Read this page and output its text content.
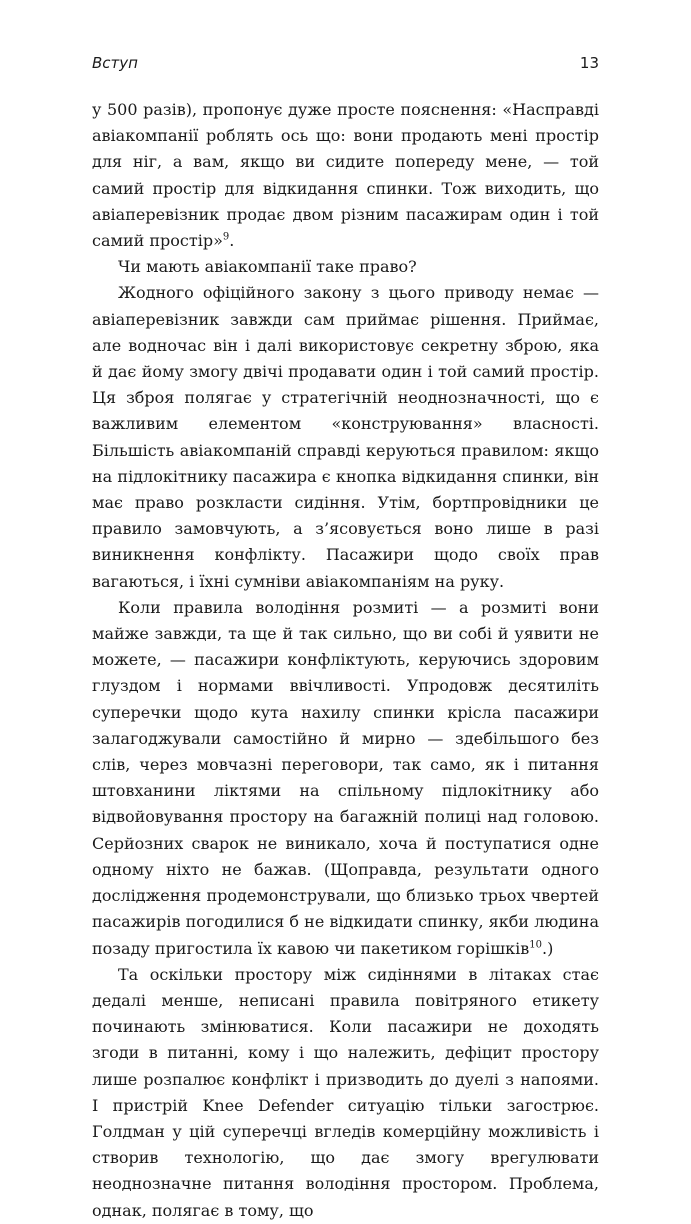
Вступ	13

у 500 разів), пропонує дуже просте пояснення: «Насправді авіакомпанії роблять ось що: вони продають мені простір для ніг, а вам, якщо ви сидите попереду мене, — той самий простір для відкидання спинки. Тож виходить, що авіаперевізник продає двом різним пасажирам один і той самий простір»$^9$.

Чи мають авіакомпанії таке право?

Жодного офіційного закону з цього приводу немає — авіаперевізник завжди сам приймає рішення. Приймає, але водночас він і далі використовує секретну зброю, яка й дає йому змогу двічі продавати один і той самий простір. Ця зброя полягає у стратегічній неоднозначності, що є важливим елементом «конструювання» власності. Більшість авіакомпаній справді керуються правилом: якщо на підлокітнику пасажира є кнопка відкидання спинки, він має право розкласти сидіння. Утім, бортпровідники це правило замовчують, а з’ясовується воно лише в разі виникнення конфлікту. Пасажири щодо своїх прав вагаються, і їхні сумніви авіакомпаніям на руку.

Коли правила володіння розмиті — а розмиті вони майже завжди, та ще й так сильно, що ви собі й уявити не можете, — пасажири конфліктують, керуючись здоровим глуздом і нормами ввічливості. Упродовж десятиліть суперечки щодо кута нахилу спинки крісла пасажири залагоджували самостійно й мирно — здебільшого без слів, через мовчазні переговори, так само, як і питання штовханини ліктями на спільному підлокітнику або відвойовування простору на багажній полиці над головою. Серйозних сварок не виникало, хоча й поступатися одне одному ніхто не бажав. (Щоправда, результати одного дослідження продемонстрували, що близько трьох чвертей пасажирів погодилися б не відкидати спинку, якби людина позаду пригостила їх кавою чи пакетиком горішків$^{10}$.)

Та оскільки простору між сидіннями в літаках стає дедалі менше, неписані правила повітряного етикету починають змінюватися. Коли пасажири не доходять згоди в питанні, кому і що належить, дефіцит простору лише розпалює конфлікт і призводить до дуелі з напоями. І пристрій Knee Defender ситуацію тільки загострює. Голдман у цій суперечці вгледів комерційну можливість і створив технологію, що дає змогу врегулювати неоднозначне питання володіння простором. Проблема, однак, полягає в тому, що
